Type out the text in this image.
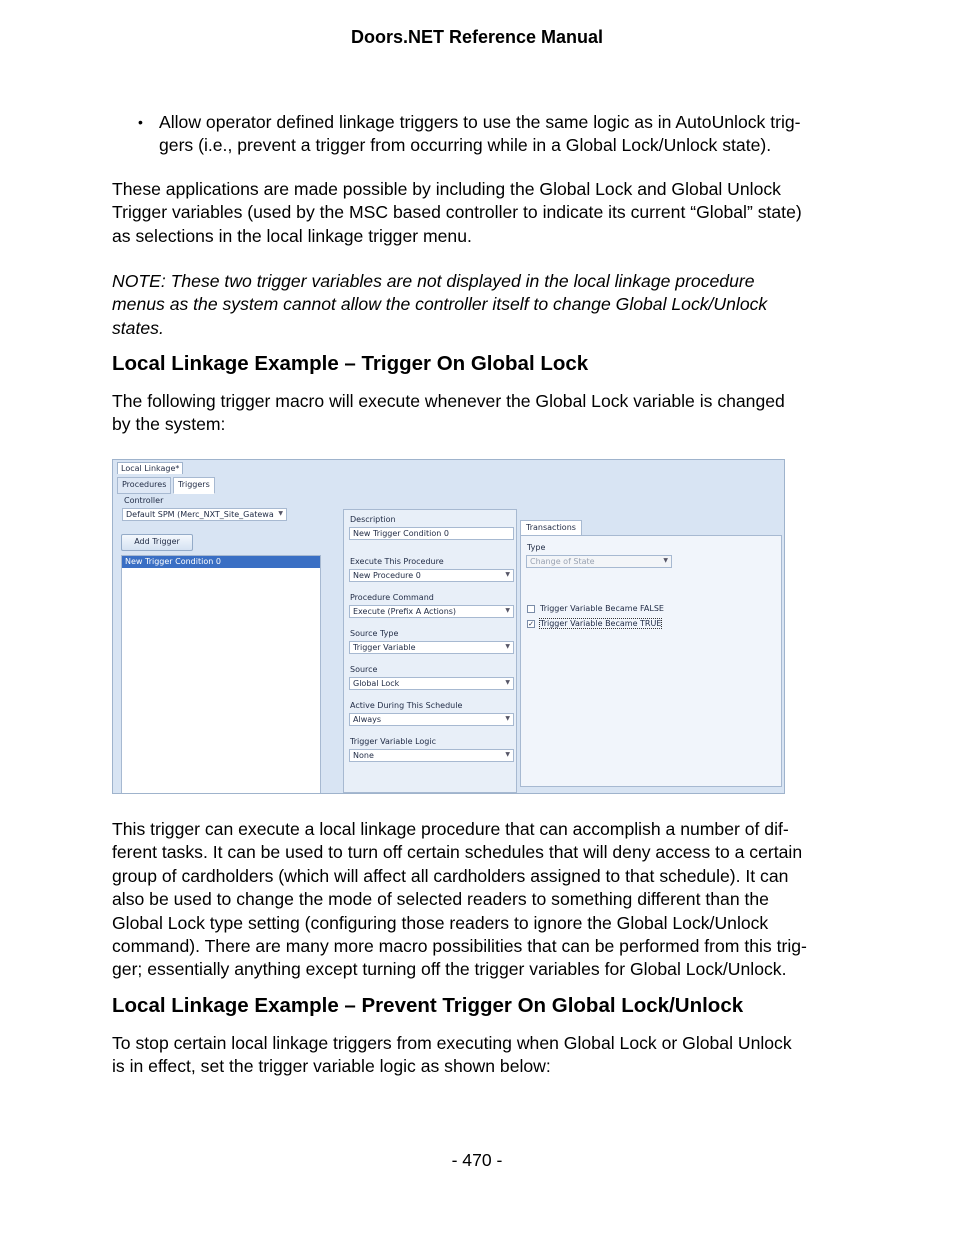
Doors.NET Reference Manual
• Allow operator defined linkage triggers to use the same logic as in AutoUnlock trig-
gers (i.e., prevent a trigger from occurring while in a Global Lock/Unlock state).
These applications are made possible by including the Global Lock and Global Unlock
Trigger variables (used by the MSC based controller to indicate its current “Global” state)
as selections in the local linkage trigger menu.
NOTE: These two trigger variables are not displayed in the local linkage procedure
menus as the system cannot allow the controller itself to change Global Lock/Unlock
states.
Local Linkage Example – Trigger On Global Lock
The following trigger macro will execute whenever the Global Lock variable is changed
by the system:
Local Linkage*
Procedures	Triggers
Controller
Default SPM (Merc_NXT_Site_Gatewa ▼
Add Trigger
New Trigger Condition 0
Description
New Trigger Condition 0
Execute This Procedure
New Procedure 0	▼
Procedure Command
Execute (Prefix A Actions)	▼
Source Type
Trigger Variable	▼
Source
Global Lock	▼
Active During This Schedule
Always	▼
Trigger Variable Logic
None	▼
Transactions
Type
Change of State	▼
Trigger Variable Became FALSE
✓ Trigger Variable Became TRUE
This trigger can execute a local linkage procedure that can accomplish a number of dif-
ferent tasks. It can be used to turn off certain schedules that will deny access to a certain
group of cardholders (which will affect all cardholders assigned to that schedule). It can
also be used to change the mode of selected readers to something different than the
Global Lock type setting (configuring those readers to ignore the Global Lock/Unlock
command). There are many more macro possibilities that can be performed from this trig-
ger; essentially anything except turning off the trigger variables for Global Lock/Unlock.
Local Linkage Example – Prevent Trigger On Global Lock/Unlock
To stop certain local linkage triggers from executing when Global Lock or Global Unlock
is in effect, set the trigger variable logic as shown below:
- 470 -
